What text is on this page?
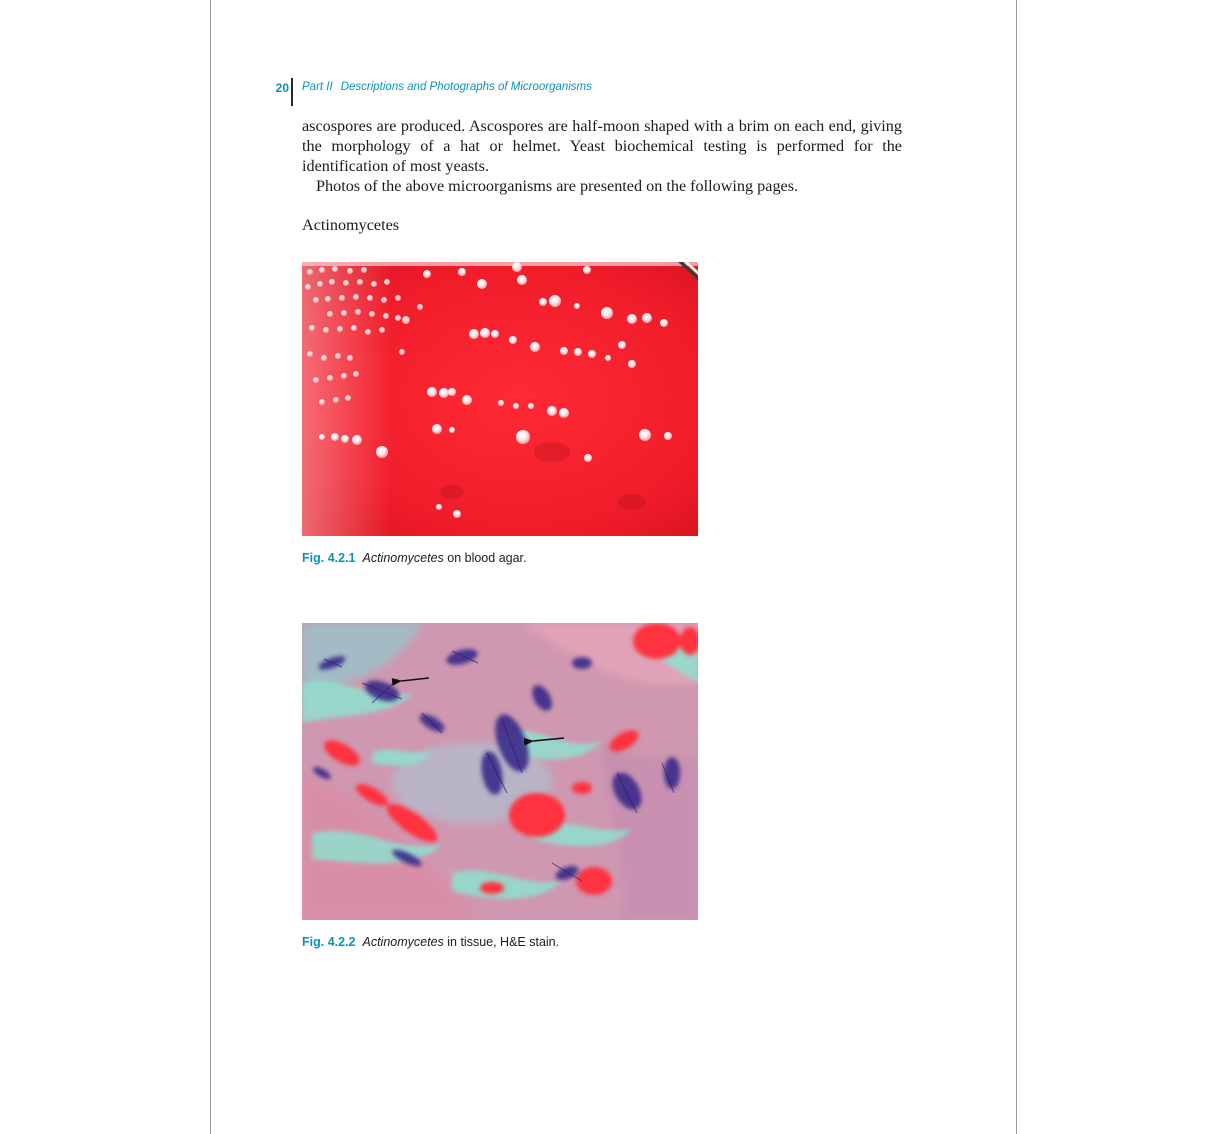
20 Part II Descriptions and Photographs of Microorganisms

ascospores are produced. Ascospores are half-moon shaped with a brim on each end, giving the morphology of a hat or helmet. Yeast biochemical testing is performed for the identification of most yeasts.

Photos of the above microorganisms are presented on the following pages.

Actinomycetes
Fig. 4.2.1 Actinomycetes on blood agar.
Fig. 4.2.2 Actinomycetes in tissue, H&E stain.
